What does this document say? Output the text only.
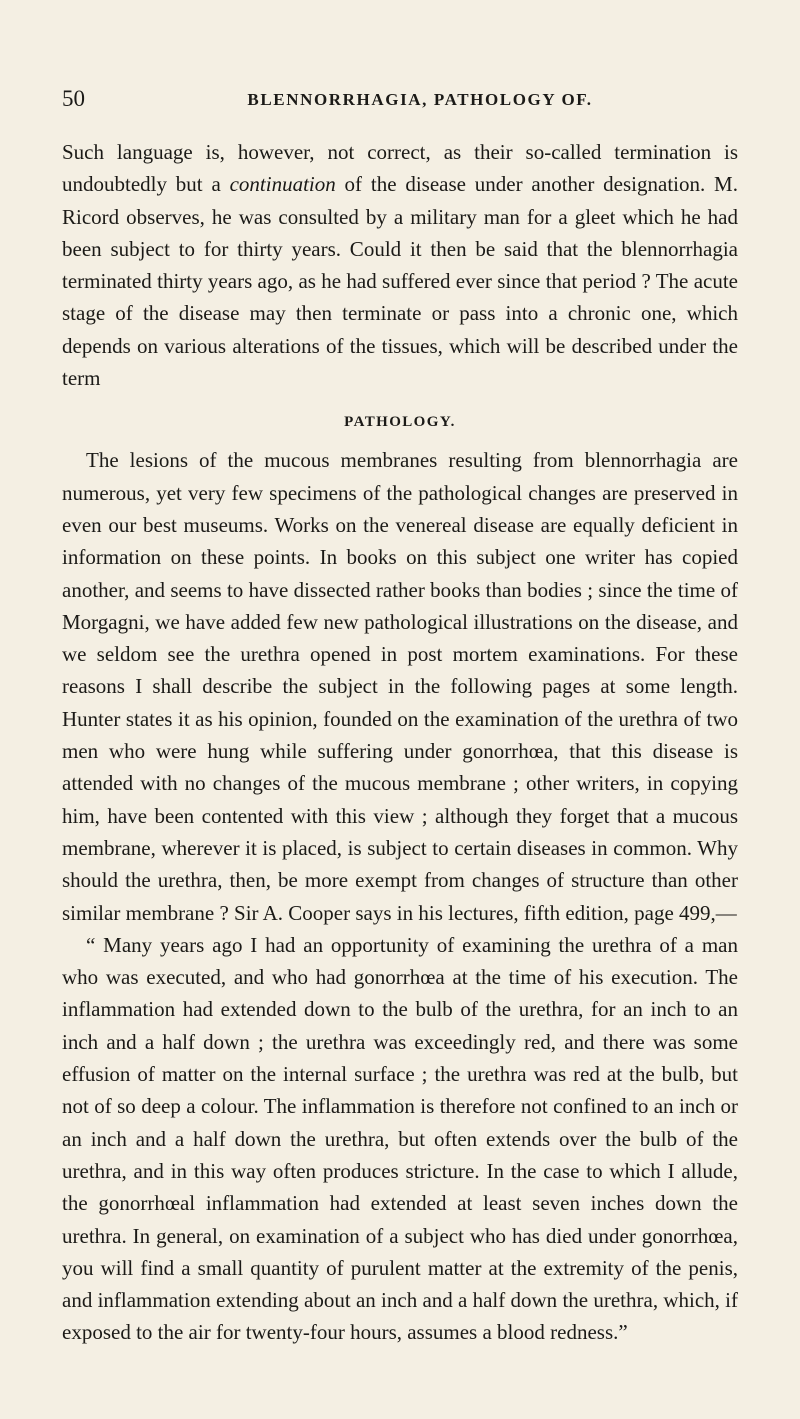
50	BLENNORRHAGIA, PATHOLOGY OF.

Such language is, however, not correct, as their so-called termination is undoubtedly but a continuation of the disease under another designation. M. Ricord observes, he was consulted by a military man for a gleet which he had been subject to for thirty years. Could it then be said that the blennorrhagia terminated thirty years ago, as he had suffered ever since that period ? The acute stage of the disease may then terminate or pass into a chronic one, which depends on various alterations of the tissues, which will be described under the term

PATHOLOGY.

The lesions of the mucous membranes resulting from blennorrhagia are numerous, yet very few specimens of the pathological changes are preserved in even our best museums. Works on the venereal disease are equally deficient in information on these points. In books on this subject one writer has copied another, and seems to have dissected rather books than bodies ; since the time of Morgagni, we have added few new pathological illustrations on the disease, and we seldom see the urethra opened in post mortem examinations. For these reasons I shall describe the subject in the following pages at some length. Hunter states it as his opinion, founded on the examination of the urethra of two men who were hung while suffering under gonorrhœa, that this disease is attended with no changes of the mucous membrane ; other writers, in copying him, have been contented with this view ; although they forget that a mucous membrane, wherever it is placed, is subject to certain diseases in common. Why should the urethra, then, be more exempt from changes of structure than other similar membrane ? Sir A. Cooper says in his lectures, fifth edition, page 499,—

“ Many years ago I had an opportunity of examining the urethra of a man who was executed, and who had gonorrhœa at the time of his execution. The inflammation had extended down to the bulb of the urethra, for an inch to an inch and a half down ; the urethra was exceedingly red, and there was some effusion of matter on the internal surface ; the urethra was red at the bulb, but not of so deep a colour. The inflammation is therefore not confined to an inch or an inch and a half down the urethra, but often extends over the bulb of the urethra, and in this way often produces stricture. In the case to which I allude, the gonorrhœal inflammation had extended at least seven inches down the urethra. In general, on examination of a subject who has died under gonorrhœa, you will find a small quantity of purulent matter at the extremity of the penis, and inflammation extending about an inch and a half down the urethra, which, if exposed to the air for twenty-four hours, assumes a blood redness.”
